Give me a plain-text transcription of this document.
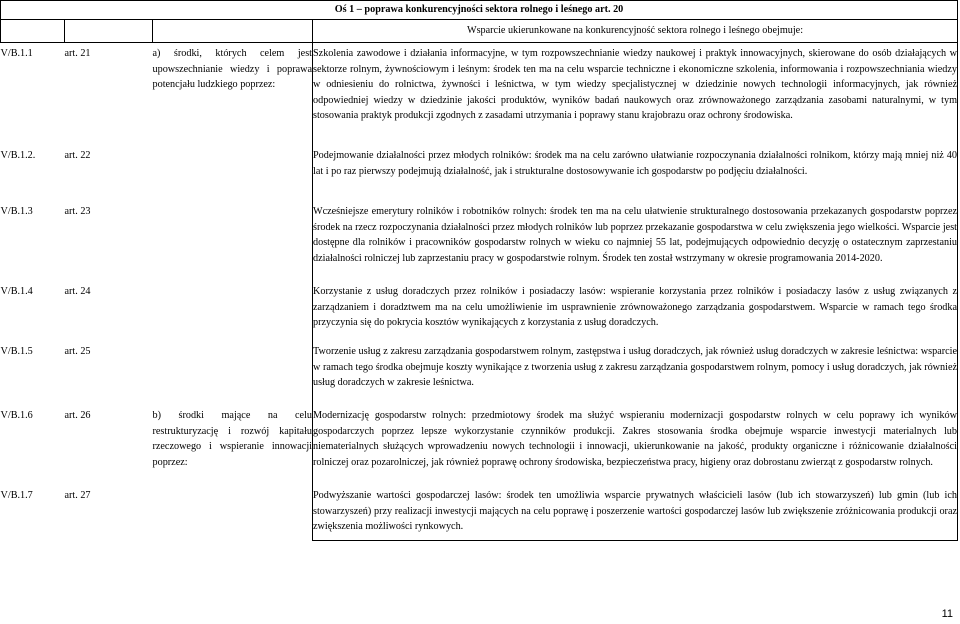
Oś 1 – poprawa konkurencyjności sektora rolnego i leśnego art. 20			
			Wsparcie ukierunkowane na konkurencyjność sektora rolnego i leśnego obejmuje:
V/B.1.1	art. 21	a) środki, których celem jest upowszechnianie wiedzy i poprawa potencjału ludzkiego poprzez:	Szkolenia zawodowe i działania informacyjne, w tym rozpowszechnianie wiedzy naukowej i praktyk innowacyjnych, skierowane do osób działających w sektorze rolnym, żywnościowym i leśnym: środek ten ma na celu wsparcie techniczne i ekonomiczne szkolenia, informowania i rozpowszechniania wiedzy w odniesieniu do rolnictwa, żywności i leśnictwa, w tym wiedzy specjalistycznej w dziedzinie nowych technologii informacyjnych, jak również odpowiedniej wiedzy w dziedzinie jakości produktów, wyników badań naukowych oraz zrównoważonego zarządzania zasobami naturalnymi, w tym stosowania praktyk produkcji zgodnych z zasadami utrzymania i poprawy stanu krajobrazu oraz ochrony środowiska.
V/B.1.2.	art. 22		Podejmowanie działalności przez młodych rolników: środek ma na celu zarówno ułatwianie rozpoczynania działalności rolnikom, którzy mają mniej niż 40 lat i po raz pierwszy podejmują działalność, jak i strukturalne dostosowywanie ich gospodarstw po podjęciu działalności.
V/B.1.3	art. 23		Wcześniejsze emerytury rolników i robotników rolnych: środek ten ma na celu ułatwienie strukturalnego dostosowania przekazanych gospodarstw poprzez środek na rzecz rozpoczynania działalności przez młodych rolników lub poprzez przekazanie gospodarstwa w celu zwiększenia jego wielkości. Wsparcie jest dostępne dla rolników i pracowników gospodarstw rolnych w wieku co najmniej 55 lat, podejmujących odpowiednio decyzję o ostatecznym zaprzestaniu działalności rolniczej lub zaprzestaniu pracy w gospodarstwie rolnym. Środek ten został wstrzymany w okresie programowania 2014-2020.
V/B.1.4	art. 24		Korzystanie z usług doradczych przez rolników i posiadaczy lasów: wspieranie korzystania przez rolników i posiadaczy lasów z usług związanych z zarządzaniem i doradztwem ma na celu umożliwienie im usprawnienie zrównoważonego zarządzania gospodarstwem. Wsparcie w ramach tego środka przyczynia się do pokrycia kosztów wynikających z korzystania z usług doradczych.
V/B.1.5	art. 25		Tworzenie usług z zakresu zarządzania gospodarstwem rolnym, zastępstwa i usług doradczych, jak również usług doradczych w zakresie leśnictwa: wsparcie w ramach tego środka obejmuje koszty wynikające z tworzenia usług z zakresu zarządzania gospodarstwem rolnym, pomocy i usług doradczych, jak również usług doradczych w zakresie leśnictwa.
V/B.1.6	art. 26	b) środki mające na celu restrukturyzację i rozwój kapitału rzeczowego i wspieranie innowacji poprzez:	Modernizację gospodarstw rolnych: przedmiotowy środek ma służyć wspieraniu modernizacji gospodarstw rolnych w celu poprawy ich wyników gospodarczych poprzez lepsze wykorzystanie czynników produkcji. Zakres stosowania środka obejmuje wsparcie inwestycji materialnych lub niematerialnych służących wprowadzeniu nowych technologii i innowacji, ukierunkowanie na jakość, produkty organiczne i różnicowanie działalności rolniczej oraz pozarolniczej, jak również poprawę ochrony środowiska, bezpieczeństwa pracy, higieny oraz dobrostanu zwierząt z gospodarstw rolnych.
V/B.1.7	art. 27		Podwyższanie wartości gospodarczej lasów: środek ten umożliwia wsparcie prywatnych właścicieli lasów (lub ich stowarzyszeń) lub gmin (lub ich stowarzyszeń) przy realizacji inwestycji mających na celu poprawę i poszerzenie wartości gospodarczej lasów lub zwiększenie zróżnicowania produkcji oraz zwiększenia możliwości rynkowych.
11
